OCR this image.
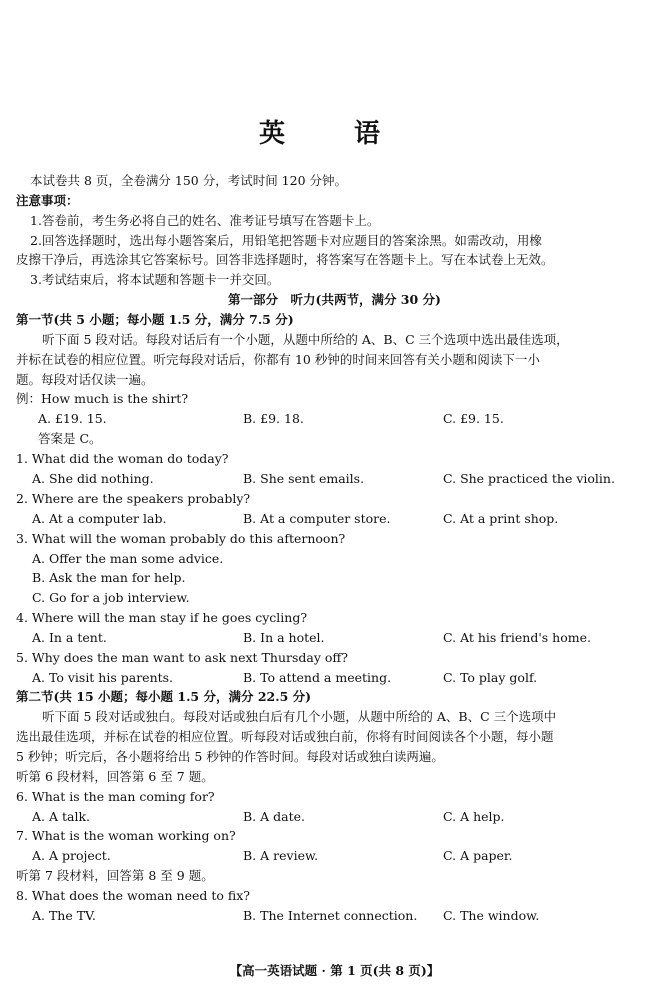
英 语
本试卷共 8 页，全卷满分 150 分，考试时间 120 分钟。
注意事项：
1.答卷前，考生务必将自己的姓名、准考证号填写在答题卡上。
2.回答选择题时，选出每小题答案后，用铅笔把答题卡对应题目的答案涂黑。如需改动，用橡
皮擦干净后，再选涂其它答案标号。回答非选择题时，将答案写在答题卡上。写在本试卷上无效。
3.考试结束后，将本试题和答题卡一并交回。
第一部分　听力(共两节，满分 30 分)
第一节(共 5 小题；每小题 1.5 分，满分 7.5 分)
听下面 5 段对话。每段对话后有一个小题，从题中所给的 A、B、C 三个选项中选出最佳选项，
并标在试卷的相应位置。听完每段对话后，你都有 10 秒钟的时间来回答有关小题和阅读下一小
题。每段对话仅读一遍。
例：How much is the shirt?
A. £19. 15.	B. £9. 18.	C. £9. 15.
答案是 C。
1. What did the woman do today?
A. She did nothing.	B. She sent emails.	C. She practiced the violin.
2. Where are the speakers probably?
A. At a computer lab.	B. At a computer store.	C. At a print shop.
3. What will the woman probably do this afternoon?
A. Offer the man some advice.
B. Ask the man for help.
C. Go for a job interview.
4. Where will the man stay if he goes cycling?
A. In a tent.	B. In a hotel.	C. At his friend's home.
5. Why does the man want to ask next Thursday off?
A. To visit his parents.	B. To attend a meeting.	C. To play golf.
第二节(共 15 小题；每小题 1.5 分，满分 22.5 分)
听下面 5 段对话或独白。每段对话或独白后有几个小题，从题中所给的 A、B、C 三个选项中
选出最佳选项，并标在试卷的相应位置。听每段对话或独白前，你将有时间阅读各个小题，每小题
5 秒钟；听完后，各小题将给出 5 秒钟的作答时间。每段对话或独白读两遍。
听第 6 段材料，回答第 6 至 7 题。
6. What is the man coming for?
A. A talk.	B. A date.	C. A help.
7. What is the woman working on?
A. A project.	B. A review.	C. A paper.
听第 7 段材料，回答第 8 至 9 题。
8. What does the woman need to fix?
A. The TV.	B. The Internet connection. C. The window.
【高一英语试题 · 第 1 页(共 8 页)】
